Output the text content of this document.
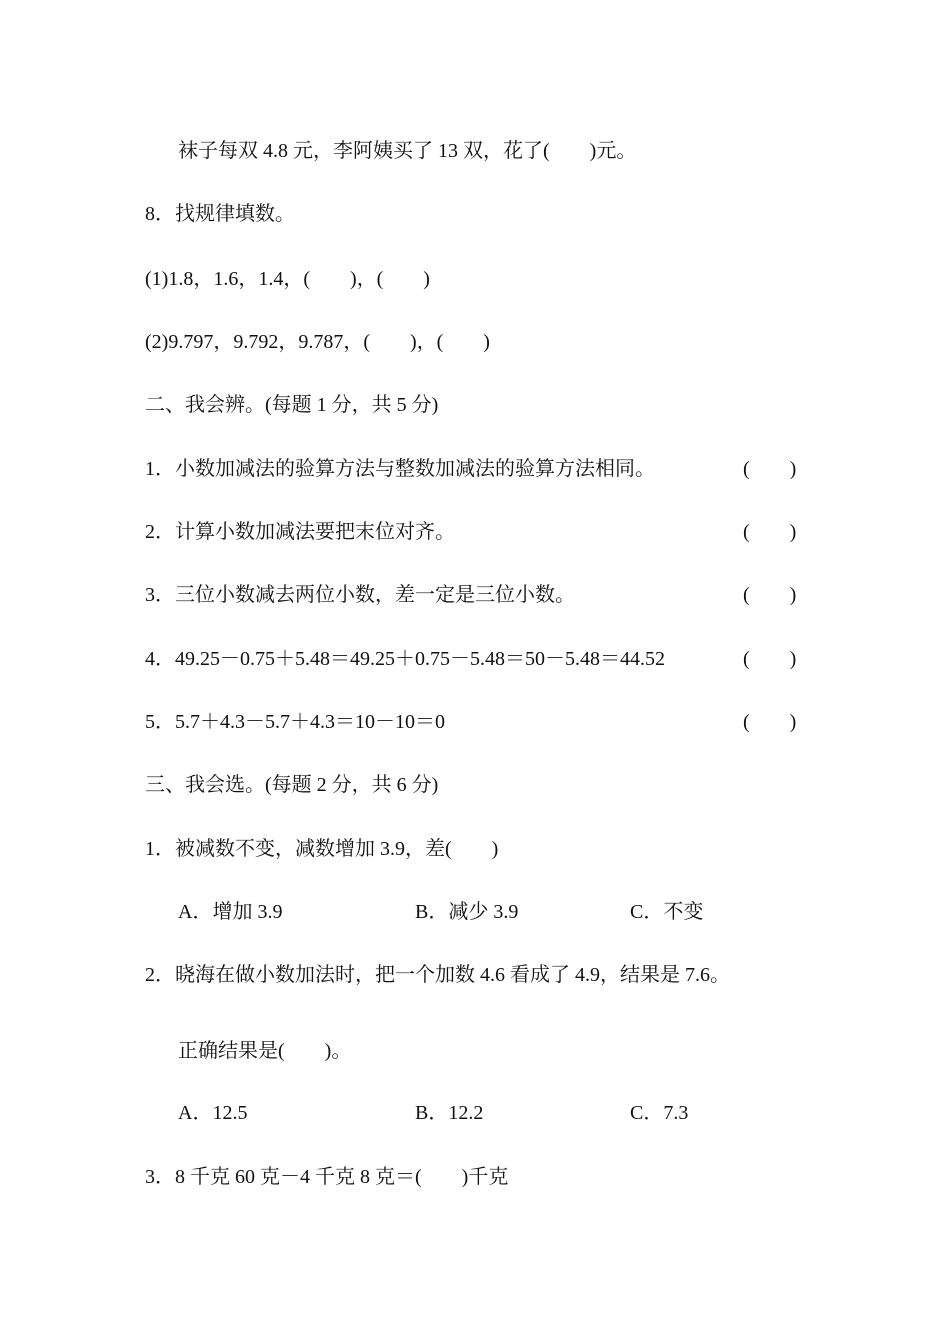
袜子每双 4.8 元，李阿姨买了 13 双，花了(　　)元。
8．找规律填数。
(1)1.8，1.6，1.4，(　　)，(　　)
(2)9.797，9.792，9.787，(　　)，(　　)
二、我会辨。(每题 1 分，共 5 分)
1．小数加减法的验算方法与整数加减法的验算方法相同。	(　　)
2．计算小数加减法要把末位对齐。	(　　)
3．三位小数减去两位小数，差一定是三位小数。	(　　)
4．49.25－0.75＋5.48＝49.25＋0.75－5.48＝50－5.48＝44.52	(　　)
5．5.7＋4.3－5.7＋4.3＝10－10＝0	(　　)
三、我会选。(每题 2 分，共 6 分)
1．被减数不变，减数增加 3.9，差(　　)
A．增加 3.9	B．减少 3.9	C．不变
2．晓海在做小数加法时，把一个加数 4.6 看成了 4.9，结果是 7.6。
正确结果是(　　)。
A．12.5	B．12.2	C．7.3
3．8 千克 60 克－4 千克 8 克＝(　　)千克
